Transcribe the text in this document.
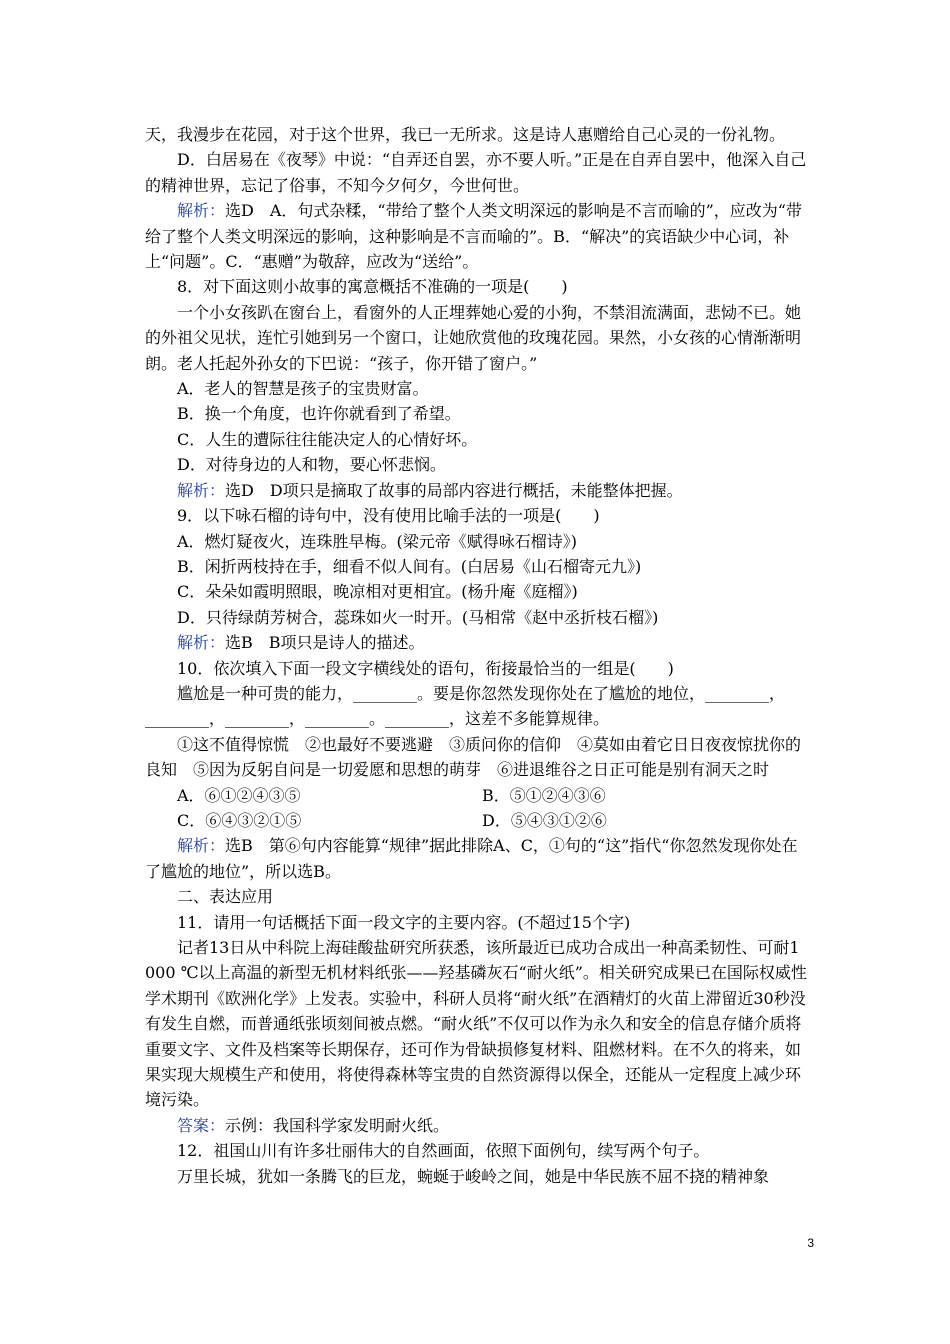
天，我漫步在花园，对于这个世界，我已一无所求。这是诗人惠赠给自己心灵的一份礼物。

D．白居易在《夜琴》中说：“自弄还自罢，亦不要人听。”正是在自弄自罢中，他深入自己的精神世界，忘记了俗事，不知今夕何夕，今世何世。

解析：选D　A．句式杂糅，“带给了整个人类文明深远的影响是不言而喻的”，应改为“带给了整个人类文明深远的影响，这种影响是不言而喻的”。B．“解决”的宾语缺少中心词，补上“问题”。C．“惠赠”为敬辞，应改为“送给”。

8．对下面这则小故事的寓意概括不准确的一项是(　　)

一个小女孩趴在窗台上，看窗外的人正埋葬她心爱的小狗，不禁泪流满面，悲恸不已。她的外祖父见状，连忙引她到另一个窗口，让她欣赏他的玫瑰花园。果然，小女孩的心情渐渐明朗。老人托起外孙女的下巴说：“孩子，你开错了窗户。”

A．老人的智慧是孩子的宝贵财富。

B．换一个角度，也许你就看到了希望。

C．人生的遭际往往能决定人的心情好坏。

D．对待身边的人和物，要心怀悲悯。

解析：选D　D项只是摘取了故事的局部内容进行概括，未能整体把握。

9．以下咏石榴的诗句中，没有使用比喻手法的一项是(　　)

A．燃灯疑夜火，连珠胜早梅。(梁元帝《赋得咏石榴诗》)

B．闲折两枝持在手，细看不似人间有。(白居易《山石榴寄元九》)

C．朵朵如霞明照眼，晚凉相对更相宜。(杨升庵《庭榴》)

D．只待绿荫芳树合，蕊珠如火一时开。(马相常《赵中丞折枝石榴》)

解析：选B　B项只是诗人的描述。

10．依次填入下面一段文字横线处的语句，衔接最恰当的一组是(　　)

尴尬是一种可贵的能力，________。要是你忽然发现你处在了尴尬的地位，________，________，________，________。________，这差不多能算规律。

①这不值得惊慌　②也最好不要逃避　③质问你的信仰　④莫如由着它日日夜夜惊扰你的良知　⑤因为反躬自问是一切爱愿和思想的萌芽　⑥进退维谷之日正可能是别有洞天之时

A．⑥①②④③⑤	B．⑤①②④③⑥
C．⑥④③②①⑤	D．⑤④③①②⑥

解析：选B　第⑥句内容能算“规律”据此排除A、C，①句的“这”指代“你忽然发现你处在了尴尬的地位”，所以选B。

二、表达应用

11．请用一句话概括下面一段文字的主要内容。(不超过15个字)

记者13日从中科院上海硅酸盐研究所获悉，该所最近已成功合成出一种高柔韧性、可耐1 000 ℃以上高温的新型无机材料纸张——羟基磷灰石“耐火纸”。相关研究成果已在国际权威性学术期刊《欧洲化学》上发表。实验中，科研人员将“耐火纸”在酒精灯的火苗上滞留近30秒没有发生自燃，而普通纸张顷刻间被点燃。“耐火纸”不仅可以作为永久和安全的信息存储介质将重要文字、文件及档案等长期保存，还可作为骨缺损修复材料、阻燃材料。在不久的将来，如果实现大规模生产和使用，将使得森林等宝贵的自然资源得以保全，还能从一定程度上减少环境污染。

答案：示例：我国科学家发明耐火纸。

12．祖国山川有许多壮丽伟大的自然画面，依照下面例句，续写两个句子。

万里长城，犹如一条腾飞的巨龙，蜿蜒于峻岭之间，她是中华民族不屈不挠的精神象

3
